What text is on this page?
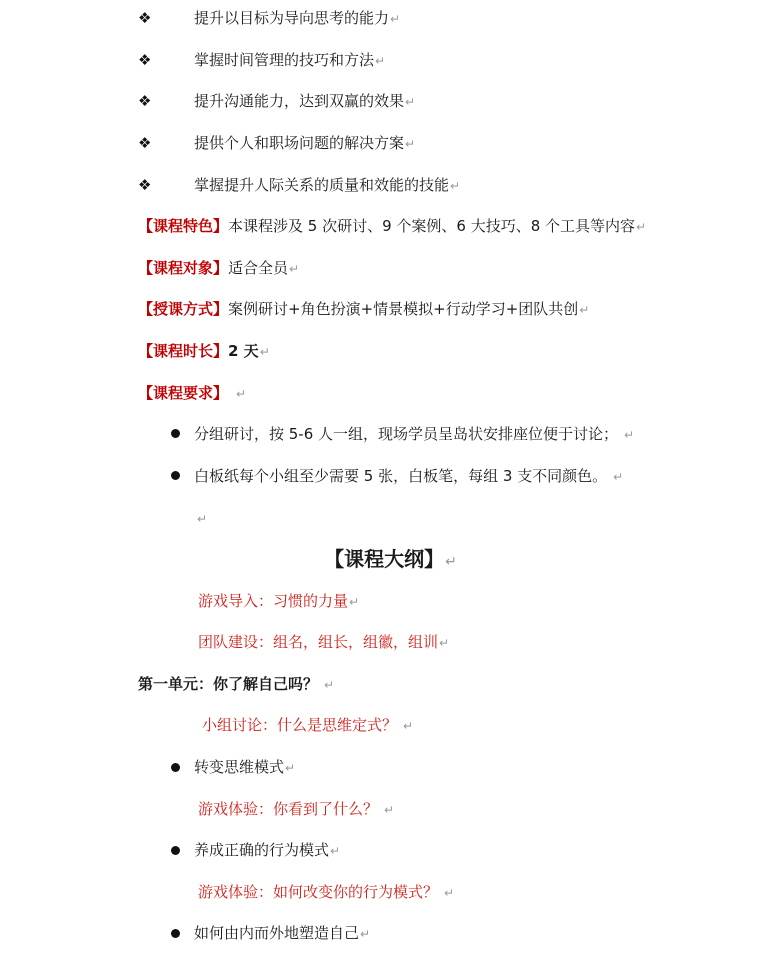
❖	提升以目标为导向思考的能力↵
❖	掌握时间管理的技巧和方法↵
❖	提升沟通能力，达到双赢的效果↵
❖	提供个人和职场问题的解决方案↵
❖	掌握提升人际关系的质量和效能的技能↵
【课程特色】本课程涉及 5 次研讨、9 个案例、6 大技巧、8 个工具等内容↵
【课程对象】适合全员↵
【授课方式】案例研讨+角色扮演+情景模拟+行动学习+团队共创↵
【课程时长】2 天↵
【课程要求】 ↵
分组研讨，按 5-6 人一组，现场学员呈岛状安排座位便于讨论； ↵
白板纸每个小组至少需要 5 张，白板笔，每组 3 支不同颜色。 ↵
↵
【课程大纲】↵
游戏导入：习惯的力量↵
团队建设：组名，组长，组徽，组训↵
第一单元：你了解自己吗？ ↵
小组讨论：什么是思维定式？ ↵
转变思维模式↵
游戏体验：你看到了什么？ ↵
养成正确的行为模式↵
游戏体验：如何改变你的行为模式？ ↵
如何由内而外地塑造自己↵
